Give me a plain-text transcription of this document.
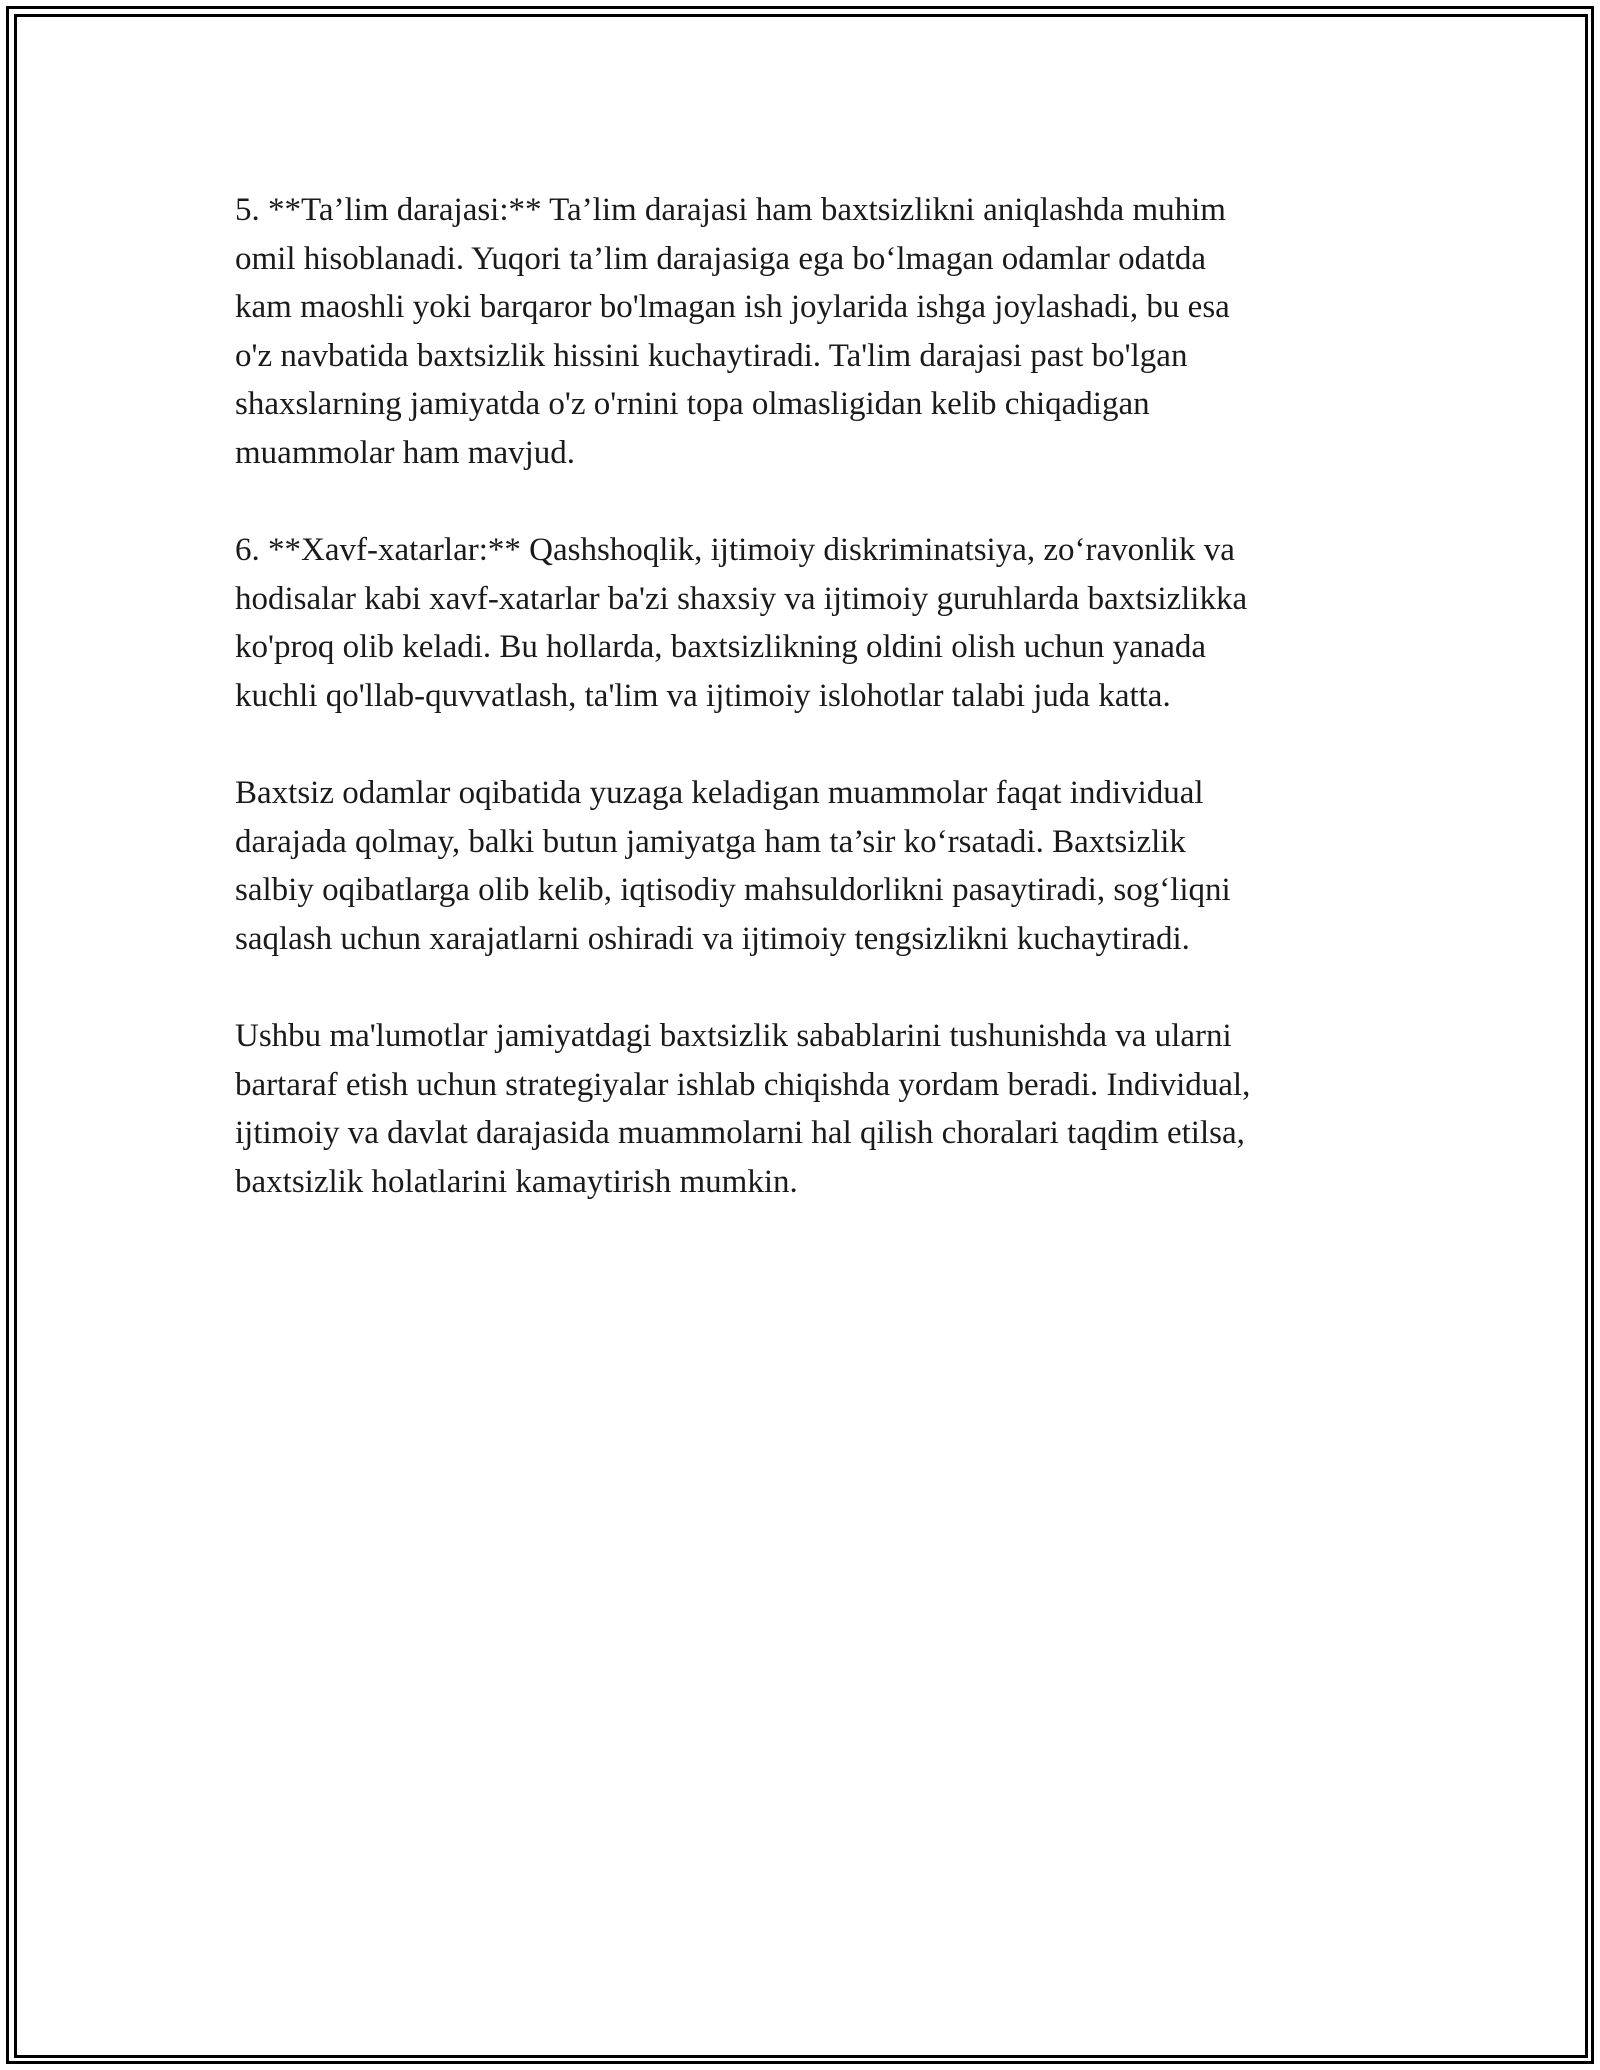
5. **Ta’lim darajasi:** Ta’lim darajasi ham baxtsizlikni aniqlashda muhim
omil hisoblanadi. Yuqori ta’lim darajasiga ega boʻlmagan odamlar odatda
kam maoshli yoki barqaror bo'lmagan ish joylarida ishga joylashadi, bu esa
o'z navbatida baxtsizlik hissini kuchaytiradi. Ta'lim darajasi past bo'lgan
shaxslarning jamiyatda o'z o'rnini topa olmasligidan kelib chiqadigan
muammolar ham mavjud.

6. **Xavf-xatarlar:** Qashshoqlik, ijtimoiy diskriminatsiya, zoʻravonlik va
hodisalar kabi xavf-xatarlar ba'zi shaxsiy va ijtimoiy guruhlarda baxtsizlikka
ko'proq olib keladi. Bu hollarda, baxtsizlikning oldini olish uchun yanada
kuchli qo'llab-quvvatlash, ta'lim va ijtimoiy islohotlar talabi juda katta.

Baxtsiz odamlar oqibatida yuzaga keladigan muammolar faqat individual
darajada qolmay, balki butun jamiyatga ham ta’sir koʻrsatadi. Baxtsizlik
salbiy oqibatlarga olib kelib, iqtisodiy mahsuldorlikni pasaytiradi, sogʻliqni
saqlash uchun xarajatlarni oshiradi va ijtimoiy tengsizlikni kuchaytiradi.

Ushbu ma'lumotlar jamiyatdagi baxtsizlik sabablarini tushunishda va ularni
bartaraf etish uchun strategiyalar ishlab chiqishda yordam beradi. Individual,
ijtimoiy va davlat darajasida muammolarni hal qilish choralari taqdim etilsa,
baxtsizlik holatlarini kamaytirish mumkin.
